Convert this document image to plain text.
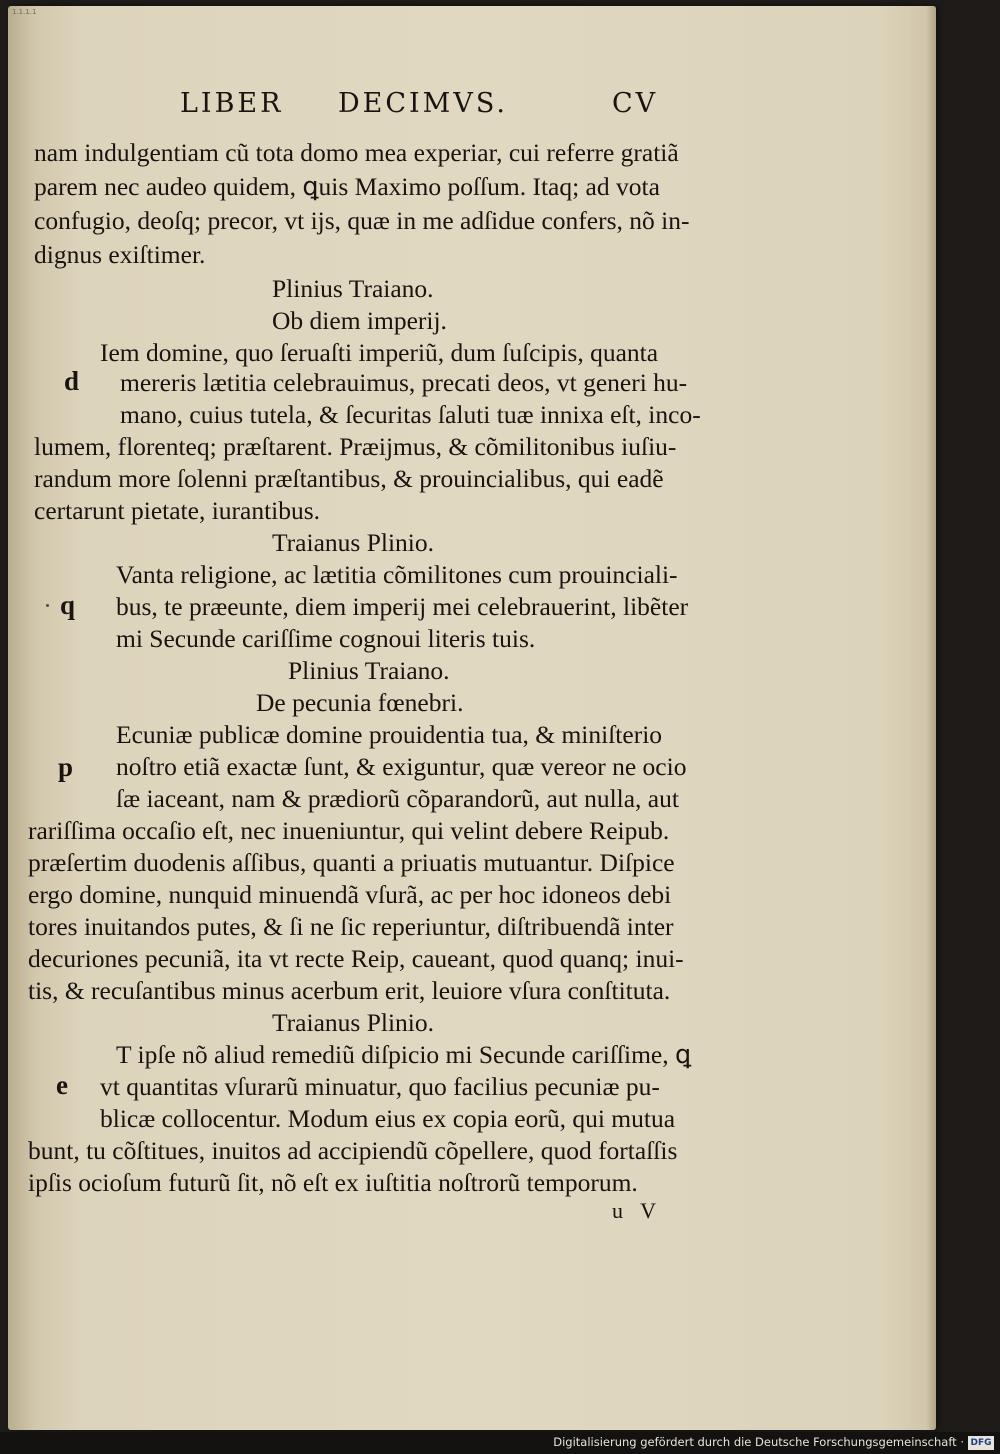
1.1.1.1
LIBER DECIMVS.	CV
nam indulgentiam cũ tota domo mea experiar, cui referre gratiã
parem nec audeo quidem, ꝗuis Maximo poſſum. Itaq; ad vota
confugio, deoſq; precor, vt ijs, quæ in me adſidue confers, nõ in-
dignus exiſtimer.
Plinius Traiano.
Ob diem imperij.
Iem domine, quo ſeruaſti imperiũ, dum ſuſcipis, quanta
d mereris lætitia celebrauimus, precati deos, vt generi hu-
mano, cuius tutela, & ſecuritas ſaluti tuæ innixa eſt, inco-
lumem, florenteq; præſtarent. Præijmus, & cõmilitonibus iuſiu-
randum more ſolenni præſtantibus, & prouincialibus, qui eadẽ
certarunt pietate, iurantibus.
Traianus Plinio.
Vanta religione, ac lætitia cõmilitones cum prouinciali-
q bus, te præeunte, diem imperij mei celebrauerint, libẽter
mi Secunde cariſſime cognoui literis tuis.
Plinius Traiano.
De pecunia fœnebri.
Ecuniæ publicæ domine prouidentia tua, & miniſterio
p noſtro etiã exactæ ſunt, & exiguntur, quæ vereor ne ocio
ſæ iaceant, nam & prædiorũ cõparandorũ, aut nulla, aut
rariſſima occaſio eſt, nec inueniuntur, qui velint debere Reipub.
præſertim duodenis aſſibus, quanti a priuatis mutuantur. Diſpice
ergo domine, nunquid minuendã vſurã, ac per hoc idoneos debi
tores inuitandos putes, & ſi ne ſic reperiuntur, diſtribuendã inter
decuriones pecuniã, ita vt recte Reip, caueant, quod quanq; inui-
tis, & recuſantibus minus acerbum erit, leuiore vſura conſtituta.
Traianus Plinio.
T ipſe nõ aliud remediũ diſpicio mi Secunde cariſſime, ꝗ
e vt quantitas vſurarũ minuatur, quo facilius pecuniæ pu-
blicæ collocentur. Modum eius ex copia eorũ, qui mutua
bunt, tu cõſtitues, inuitos ad accipiendũ cõpellere, quod fortaſſis
ipſis ocioſum futurũ ſit, nõ eſt ex iuſtitia noſtrorũ temporum.
u V
Digitalisierung gefördert durch die Deutsche Forschungsgemeinschaft · DFG
